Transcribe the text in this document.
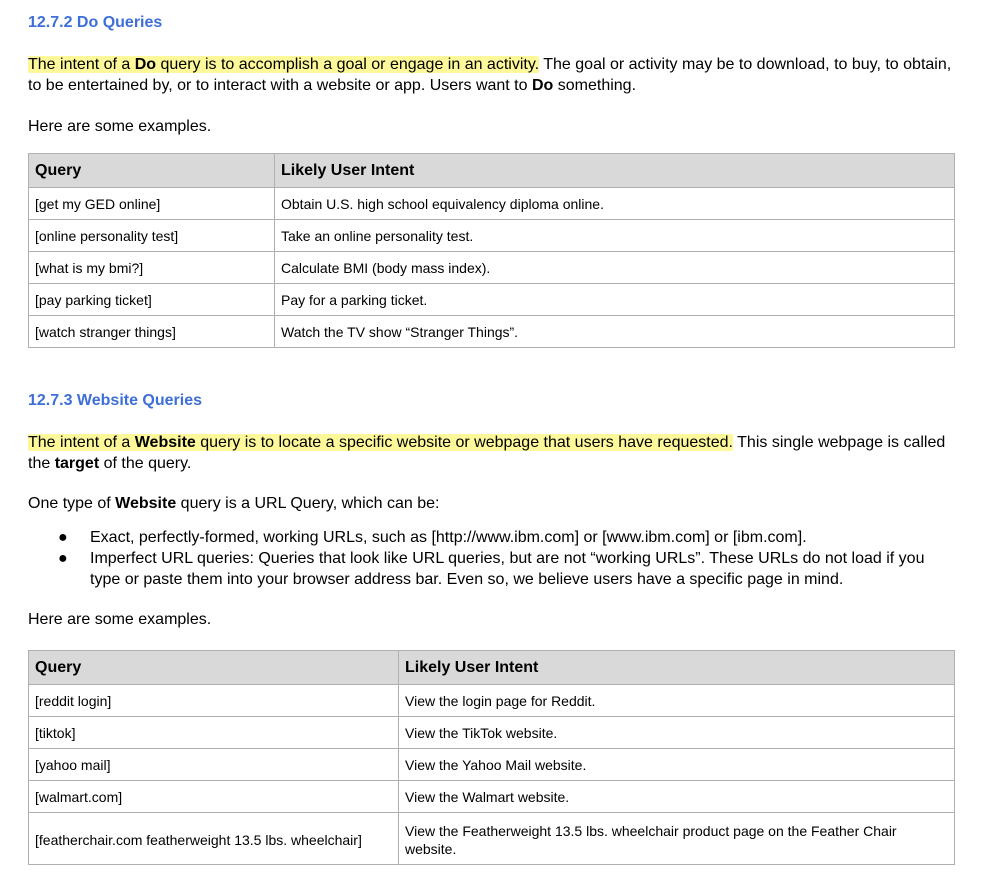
12.7.2 Do Queries

The intent of a Do query is to accomplish a goal or engage in an activity. The goal or activity may be to download, to buy, to obtain, to be entertained by, or to interact with a website or app. Users want to Do something.

Here are some examples.

Query	Likely User Intent
[get my GED online]	Obtain U.S. high school equivalency diploma online.
[online personality test]	Take an online personality test.
[what is my bmi?]	Calculate BMI (body mass index).
[pay parking ticket]	Pay for a parking ticket.
[watch stranger things]	Watch the TV show “Stranger Things”.
12.7.3 Website Queries

The intent of a Website query is to locate a specific website or webpage that users have requested. This single webpage is called the target of the query.

One type of Website query is a URL Query, which can be:

● Exact, perfectly-formed, working URLs, such as [http://www.ibm.com] or [www.ibm.com] or [ibm.com].
● Imperfect URL queries: Queries that look like URL queries, but are not “working URLs”. These URLs do not load if you type or paste them into your browser address bar. Even so, we believe users have a specific page in mind.

Here are some examples.

Query	Likely User Intent
[reddit login]	View the login page for Reddit.
[tiktok]	View the TikTok website.
[yahoo mail]	View the Yahoo Mail website.
[walmart.com]	View the Walmart website.
[featherchair.com featherweight 13.5 lbs. wheelchair]	View the Featherweight 13.5 lbs. wheelchair product page on the Feather Chair website.
